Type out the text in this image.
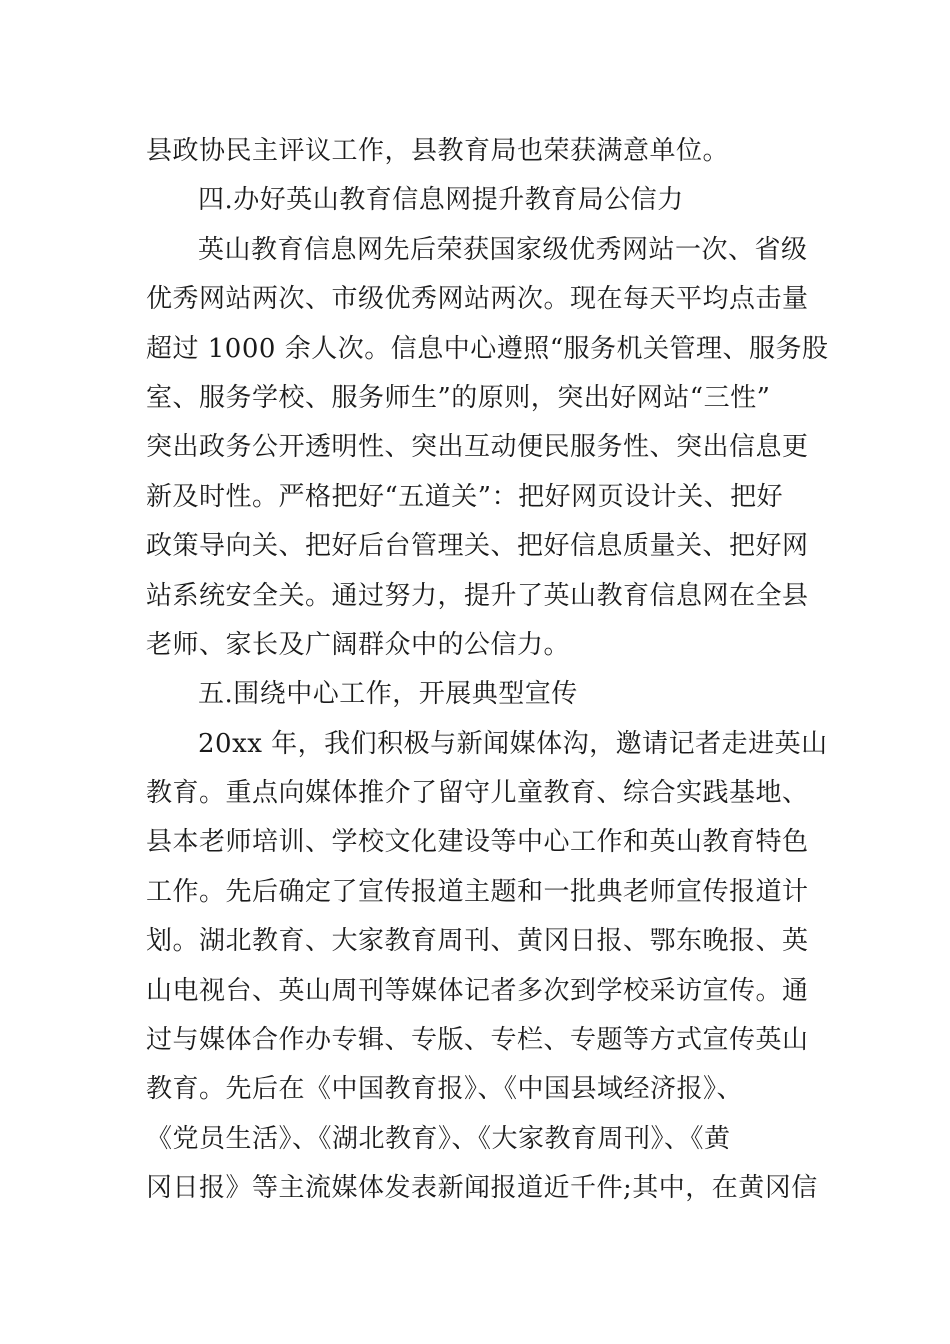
县政协民主评议工作，县教育局也荣获满意单位。
四.办好英山教育信息网提升教育局公信力
英山教育信息网先后荣获国家级优秀网站一次、省级
优秀网站两次、市级优秀网站两次。现在每天平均点击量
超过 1000 余人次。信息中心遵照“服务机关管理、服务股
室、服务学校、服务师生”的原则，突出好网站“三性”
突出政务公开透明性、突出互动便民服务性、突出信息更
新及时性。严格把好“五道关”：把好网页设计关、把好
政策导向关、把好后台管理关、把好信息质量关、把好网
站系统安全关。通过努力，提升了英山教育信息网在全县
老师、家长及广阔群众中的公信力。
五.围绕中心工作，开展典型宣传
20xx 年，我们积极与新闻媒体沟，邀请记者走进英山
教育。重点向媒体推介了留守儿童教育、综合实践基地、
县本老师培训、学校文化建设等中心工作和英山教育特色
工作。先后确定了宣传报道主题和一批典老师宣传报道计
划。湖北教育、大家教育周刊、黄冈日报、鄂东晚报、英
山电视台、英山周刊等媒体记者多次到学校采访宣传。通
过与媒体合作办专辑、专版、专栏、专题等方式宣传英山
教育。先后在《中国教育报》、《中国县域经济报》、
《党员生活》、《湖北教育》、《大家教育周刊》、《黄
冈日报》等主流媒体发表新闻报道近千件;其中，在黄冈信
